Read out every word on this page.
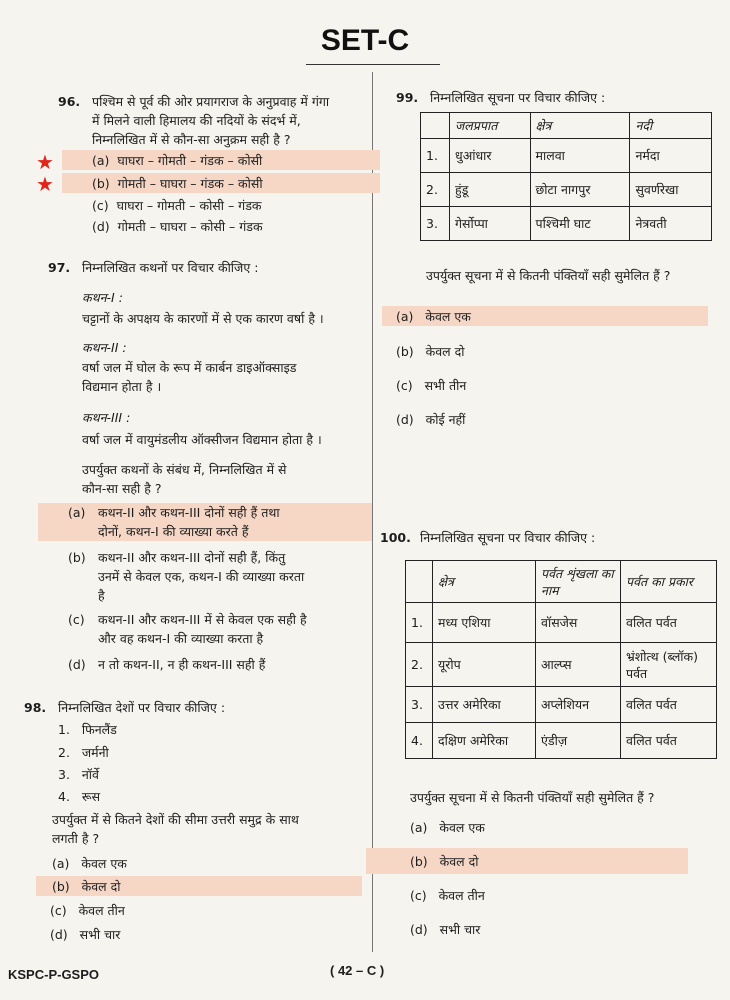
SET-C
96. पश्चिम से पूर्व की ओर प्रयागराज के अनुप्रवाह में गंगा
में मिलने वाली हिमालय की नदियों के संदर्भ में,
निम्नलिखित में से कौन-सा अनुक्रम सही है ?
★
★
(a) घाघरा – गोमती – गंडक – कोसी
(b) गोमती – घाघरा – गंडक – कोसी
(c) घाघरा – गोमती – कोसी – गंडक
(d) गोमती – घाघरा – कोसी – गंडक
97. निम्नलिखित कथनों पर विचार कीजिए :
कथन-I :
चट्टानों के अपक्षय के कारणों में से एक कारण वर्षा है ।
कथन-II :
वर्षा जल में घोल के रूप में कार्बन डाइऑक्साइड
विद्यमान होता है ।
कथन-III :
वर्षा जल में वायुमंडलीय ऑक्सीजन विद्यमान होता है ।
उपर्युक्त कथनों के संबंध में, निम्नलिखित में से
कौन-सा सही है ?
(a) कथन-II और कथन-III दोनों सही हैं तथा
दोनों, कथन-I की व्याख्या करते हैं
(b) कथन-II और कथन-III दोनों सही हैं, किंतु
उनमें से केवल एक, कथन-I की व्याख्या करता
है
(c) कथन-II और कथन-III में से केवल एक सही है
और वह कथन-I की व्याख्या करता है
(d) न तो कथन-II, न ही कथन-III सही हैं
98. निम्नलिखित देशों पर विचार कीजिए :
1. फिनलैंड
2. जर्मनी
3. नॉर्वे
4. रूस
उपर्युक्त में से कितने देशों की सीमा उत्तरी समुद्र के साथ
लगती है ?
(a) केवल एक
(b) केवल दो
(c) केवल तीन
(d) सभी चार
99. निम्नलिखित सूचना पर विचार कीजिए :
	जलप्रपात	क्षेत्र	नदी
1.	धुआंधार	मालवा	नर्मदा
2.	हुंडू	छोटा नागपुर	सुवर्णरेखा
3.	गेर्सोप्पा	पश्चिमी घाट	नेत्रवती
उपर्युक्त सूचना में से कितनी पंक्तियाँ सही सुमेलित हैं ?
(a) केवल एक
(b) केवल दो
(c) सभी तीन
(d) कोई नहीं
100. निम्नलिखित सूचना पर विचार कीजिए :
	क्षेत्र	पर्वत शृंखला का नाम	पर्वत का प्रकार
1.	मध्य एशिया	वॉसजेस	वलित पर्वत
2.	यूरोप	आल्प्स	भ्रंशोत्थ (ब्लॉक) पर्वत
3.	उत्तर अमेरिका	अप्लेशियन	वलित पर्वत
4.	दक्षिण अमेरिका	एंडीज़	वलित पर्वत
उपर्युक्त सूचना में से कितनी पंक्तियाँ सही सुमेलित हैं ?
(a) केवल एक
(b) केवल दो
(c) केवल तीन
(d) सभी चार
KSPC-P-GSPO	( 42 – C )
